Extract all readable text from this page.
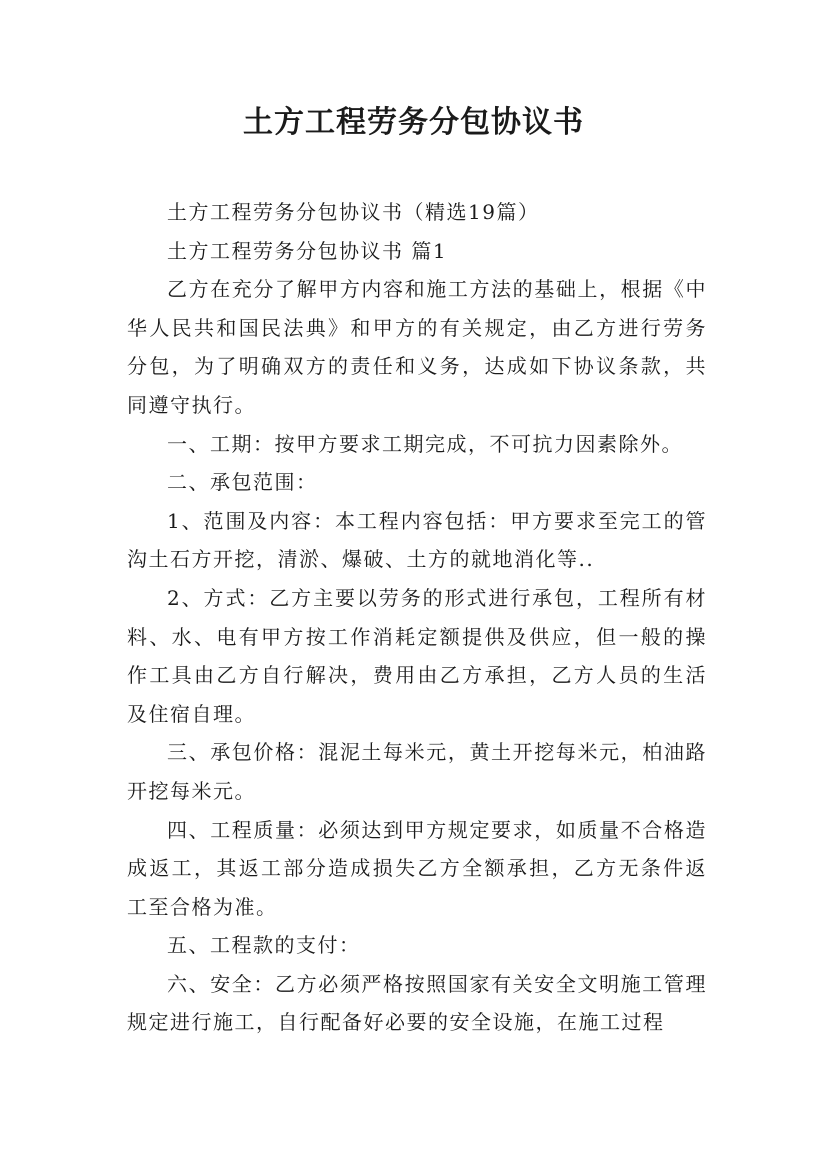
土方工程劳务分包协议书

土方工程劳务分包协议书（精选19篇）

土方工程劳务分包协议书 篇1

乙方在充分了解甲方内容和施工方法的基础上，根据《中华人民共和国民法典》和甲方的有关规定，由乙方进行劳务分包，为了明确双方的责任和义务，达成如下协议条款，共同遵守执行。

一、工期：按甲方要求工期完成，不可抗力因素除外。

二、承包范围：

1、范围及内容：本工程内容包括：甲方要求至完工的管沟土石方开挖，清淤、爆破、土方的就地消化等..

2、方式：乙方主要以劳务的形式进行承包，工程所有材料、水、电有甲方按工作消耗定额提供及供应，但一般的操作工具由乙方自行解决，费用由乙方承担，乙方人员的生活及住宿自理。

三、承包价格：混泥土每米元，黄土开挖每米元，柏油路开挖每米元。

四、工程质量：必须达到甲方规定要求，如质量不合格造成返工，其返工部分造成损失乙方全额承担，乙方无条件返工至合格为准。

五、工程款的支付：

六、安全：乙方必须严格按照国家有关安全文明施工管理规定进行施工，自行配备好必要的安全设施，在施工过程
